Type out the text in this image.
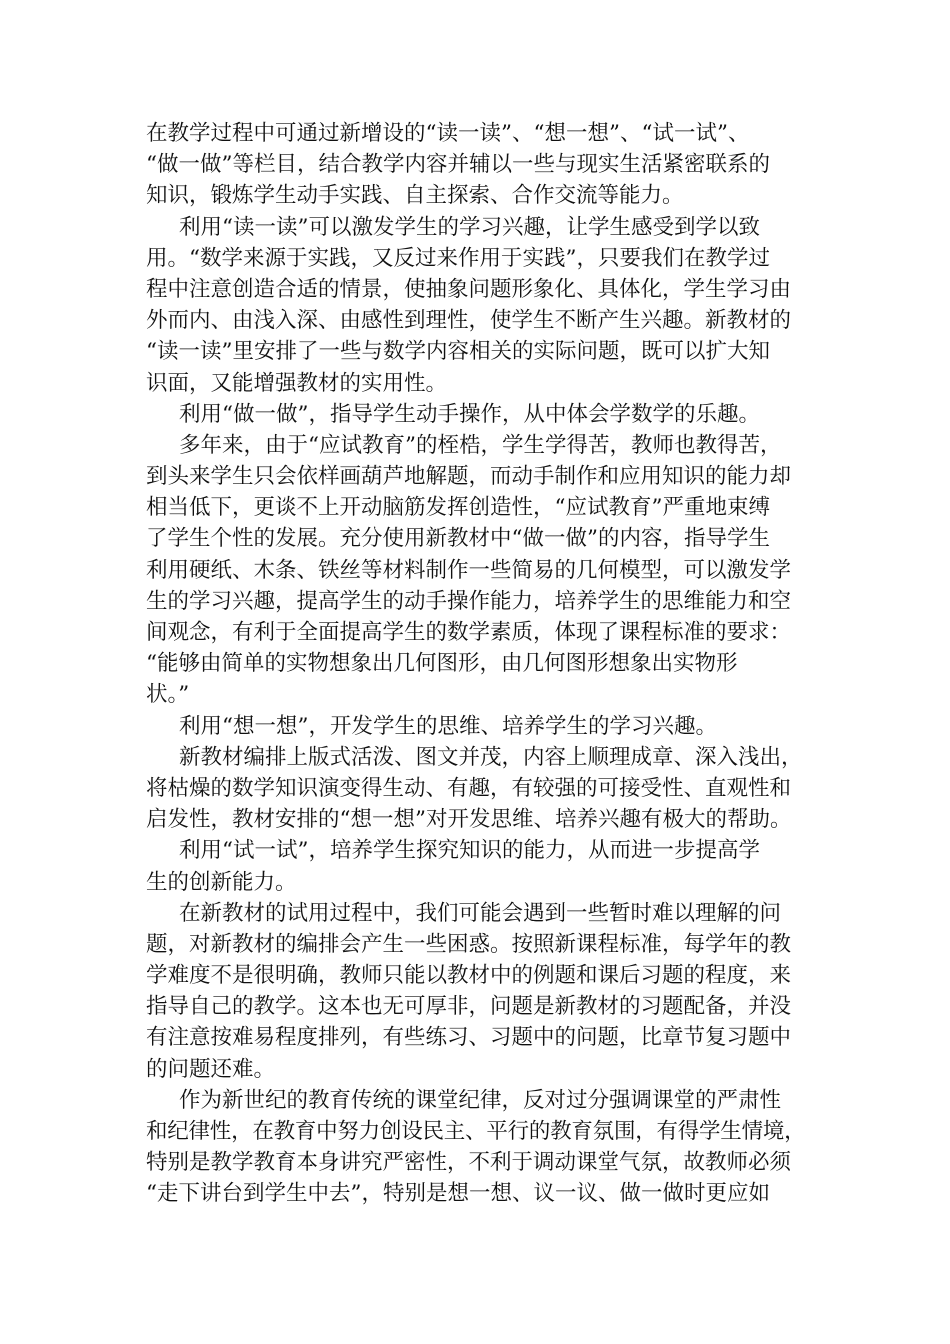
在教学过程中可通过新增设的“读一读”、“想一想”、“试一试”、
“做一做”等栏目，结合教学内容并辅以一些与现实生活紧密联系的
知识，锻炼学生动手实践、自主探索、合作交流等能力。
利用“读一读”可以激发学生的学习兴趣，让学生感受到学以致
用。“数学来源于实践，又反过来作用于实践”，只要我们在教学过
程中注意创造合适的情景，使抽象问题形象化、具体化，学生学习由
外而内、由浅入深、由感性到理性，使学生不断产生兴趣。新教材的
“读一读”里安排了一些与数学内容相关的实际问题，既可以扩大知
识面，又能增强教材的实用性。
利用“做一做”，指导学生动手操作，从中体会学数学的乐趣。
多年来，由于“应试教育”的桎梏，学生学得苦，教师也教得苦，
到头来学生只会依样画葫芦地解题，而动手制作和应用知识的能力却
相当低下，更谈不上开动脑筋发挥创造性，“应试教育”严重地束缚
了学生个性的发展。充分使用新教材中“做一做”的内容，指导学生
利用硬纸、木条、铁丝等材料制作一些简易的几何模型，可以激发学
生的学习兴趣，提高学生的动手操作能力，培养学生的思维能力和空
间观念，有利于全面提高学生的数学素质，体现了课程标准的要求：
“能够由简单的实物想象出几何图形，由几何图形想象出实物形
状。”
利用“想一想”，开发学生的思维、培养学生的学习兴趣。
新教材编排上版式活泼、图文并茂，内容上顺理成章、深入浅出，
将枯燥的数学知识演变得生动、有趣，有较强的可接受性、直观性和
启发性，教材安排的“想一想”对开发思维、培养兴趣有极大的帮助。
利用“试一试”，培养学生探究知识的能力，从而进一步提高学
生的创新能力。
在新教材的试用过程中，我们可能会遇到一些暂时难以理解的问
题，对新教材的编排会产生一些困惑。按照新课程标准，每学年的教
学难度不是很明确，教师只能以教材中的例题和课后习题的程度，来
指导自己的教学。这本也无可厚非，问题是新教材的习题配备，并没
有注意按难易程度排列，有些练习、习题中的问题，比章节复习题中
的问题还难。
作为新世纪的教育传统的课堂纪律，反对过分强调课堂的严肃性
和纪律性，在教育中努力创设民主、平行的教育氛围，有得学生情境，
特别是教学教育本身讲究严密性，不利于调动课堂气氛，故教师必须
“走下讲台到学生中去”，特别是想一想、议一议、做一做时更应如
